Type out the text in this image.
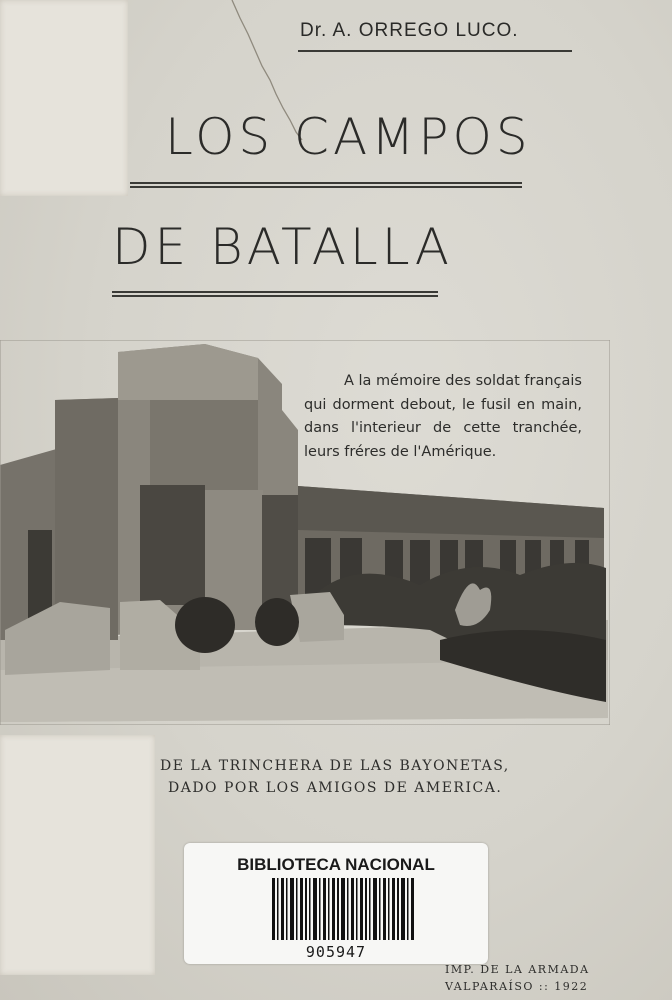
Dr. A. ORREGO LUCO.
LOS CAMPOS
DE BATALLA
A la mémoire des soldat français
qui dorment debout, le fusil en main,
dans l'interieur de cette tranchée,
leurs fréres de l'Amérique.
DE LA TRINCHERA DE LAS BAYONETAS,
DADO POR LOS AMIGOS DE AMERICA.
BIBLIOTECA NACIONAL
905947
IMP. DE LA ARMADA
VALPARAÍSO :: 1922
